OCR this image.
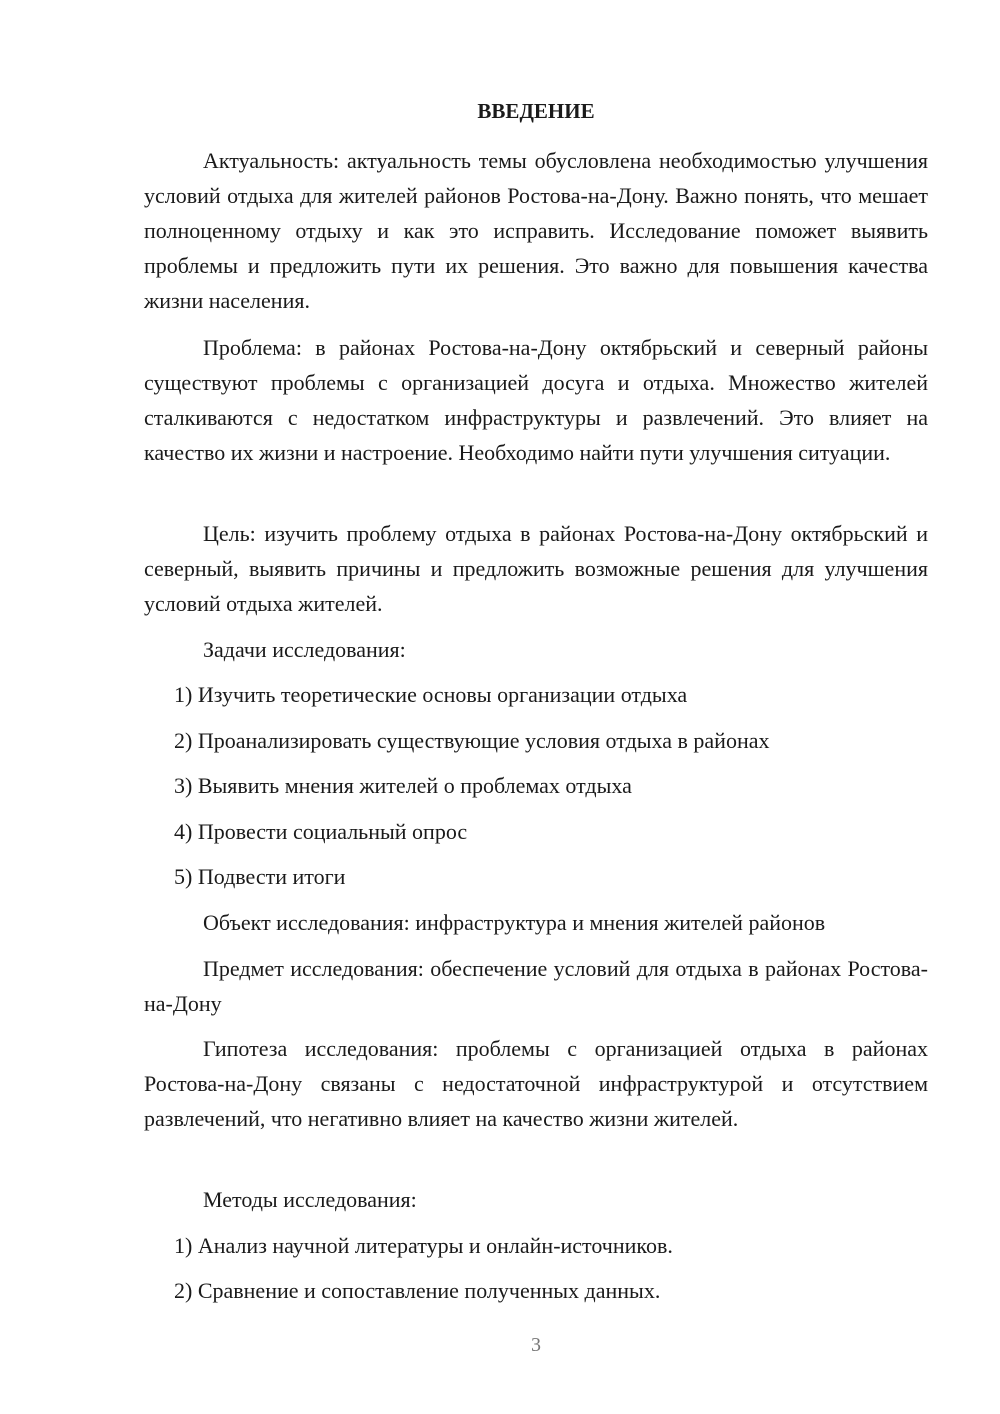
ВВЕДЕНИЕ

Актуальность: актуальность темы обусловлена необходимостью улучшения условий отдыха для жителей районов Ростова-на-Дону. Важно понять, что мешает полноценному отдыху и как это исправить. Исследование поможет выявить проблемы и предложить пути их решения. Это важно для повышения качества жизни населения.

Проблема: в районах Ростова-на-Дону октябрьский и северный районы существуют проблемы с организацией досуга и отдыха. Множество жителей сталкиваются с недостатком инфраструктуры и развлечений. Это влияет на качество их жизни и настроение. Необходимо найти пути улучшения ситуации.

Цель: изучить проблему отдыха в районах Ростова-на-Дону октябрьский и северный, выявить причины и предложить возможные решения для улучшения условий отдыха жителей.

Задачи исследования:

1) Изучить теоретические основы организации отдыха

2) Проанализировать существующие условия отдыха в районах

3) Выявить мнения жителей о проблемах отдыха

4) Провести социальный опрос

5) Подвести итоги

Объект исследования: инфраструктура и мнения жителей районов

Предмет исследования: обеспечение условий для отдыха в районах Ростова-на-Дону

Гипотеза исследования: проблемы с организацией отдыха в районах Ростова-на-Дону связаны с недостаточной инфраструктурой и отсутствием развлечений, что негативно влияет на качество жизни жителей.

Методы исследования:

1) Анализ научной литературы и онлайн-источников.

2) Сравнение и сопоставление полученных данных.

3
